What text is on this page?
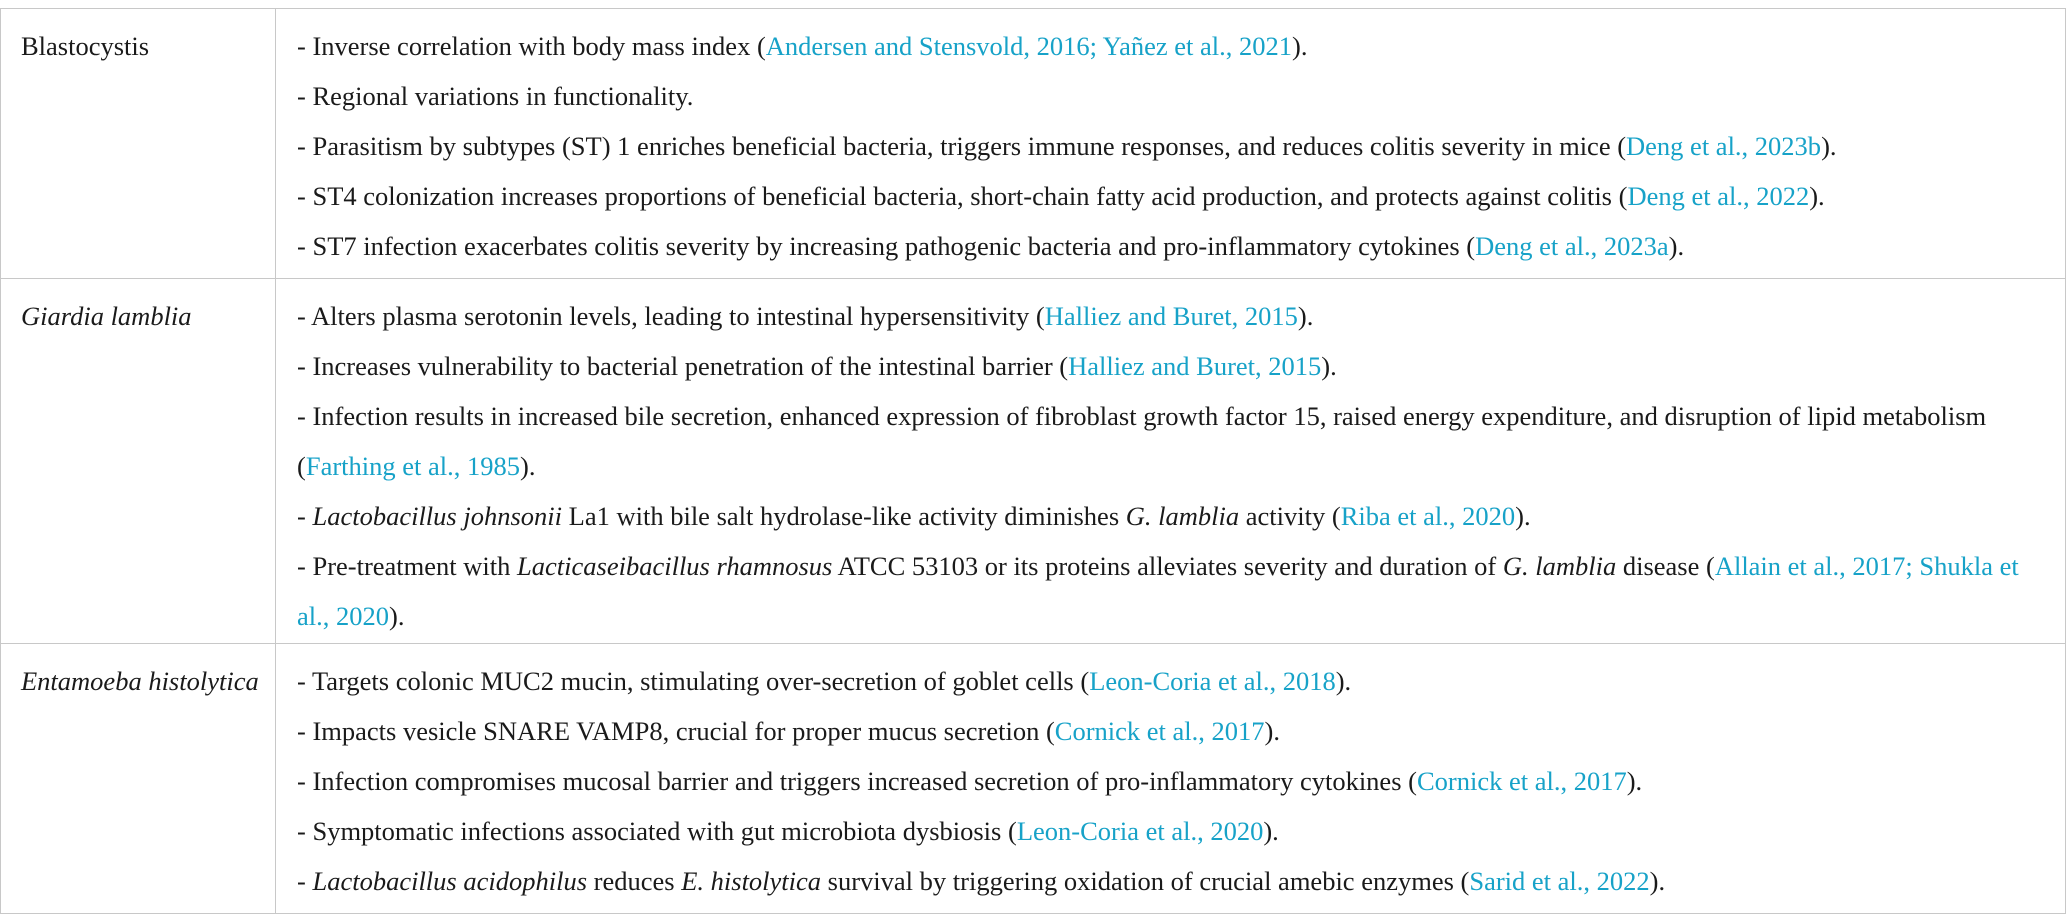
Blastocystis	- Inverse correlation with body mass index (Andersen and Stensvold, 2016; Yañez et al., 2021).
- Regional variations in functionality.
- Parasitism by subtypes (ST) 1 enriches beneficial bacteria, triggers immune responses, and reduces colitis severity in mice (Deng et al., 2023b).
- ST4 colonization increases proportions of beneficial bacteria, short-chain fatty acid production, and protects against colitis (Deng et al., 2022).
- ST7 infection exacerbates colitis severity by increasing pathogenic bacteria and pro-inflammatory cytokines (Deng et al., 2023a).

Giardia lamblia	- Alters plasma serotonin levels, leading to intestinal hypersensitivity (Halliez and Buret, 2015).
- Increases vulnerability to bacterial penetration of the intestinal barrier (Halliez and Buret, 2015).
- Infection results in increased bile secretion, enhanced expression of fibroblast growth factor 15, raised energy expenditure, and disruption of lipid metabolism (Farthing et al., 1985).
- Lactobacillus johnsonii La1 with bile salt hydrolase-like activity diminishes G. lamblia activity (Riba et al., 2020).
- Pre-treatment with Lacticaseibacillus rhamnosus ATCC 53103 or its proteins alleviates severity and duration of G. lamblia disease (Allain et al., 2017; Shukla et al., 2020).

Entamoeba histolytica	- Targets colonic MUC2 mucin, stimulating over-secretion of goblet cells (Leon-Coria et al., 2018).
- Impacts vesicle SNARE VAMP8, crucial for proper mucus secretion (Cornick et al., 2017).
- Infection compromises mucosal barrier and triggers increased secretion of pro-inflammatory cytokines (Cornick et al., 2017).
- Symptomatic infections associated with gut microbiota dysbiosis (Leon-Coria et al., 2020).
- Lactobacillus acidophilus reduces E. histolytica survival by triggering oxidation of crucial amebic enzymes (Sarid et al., 2022).
